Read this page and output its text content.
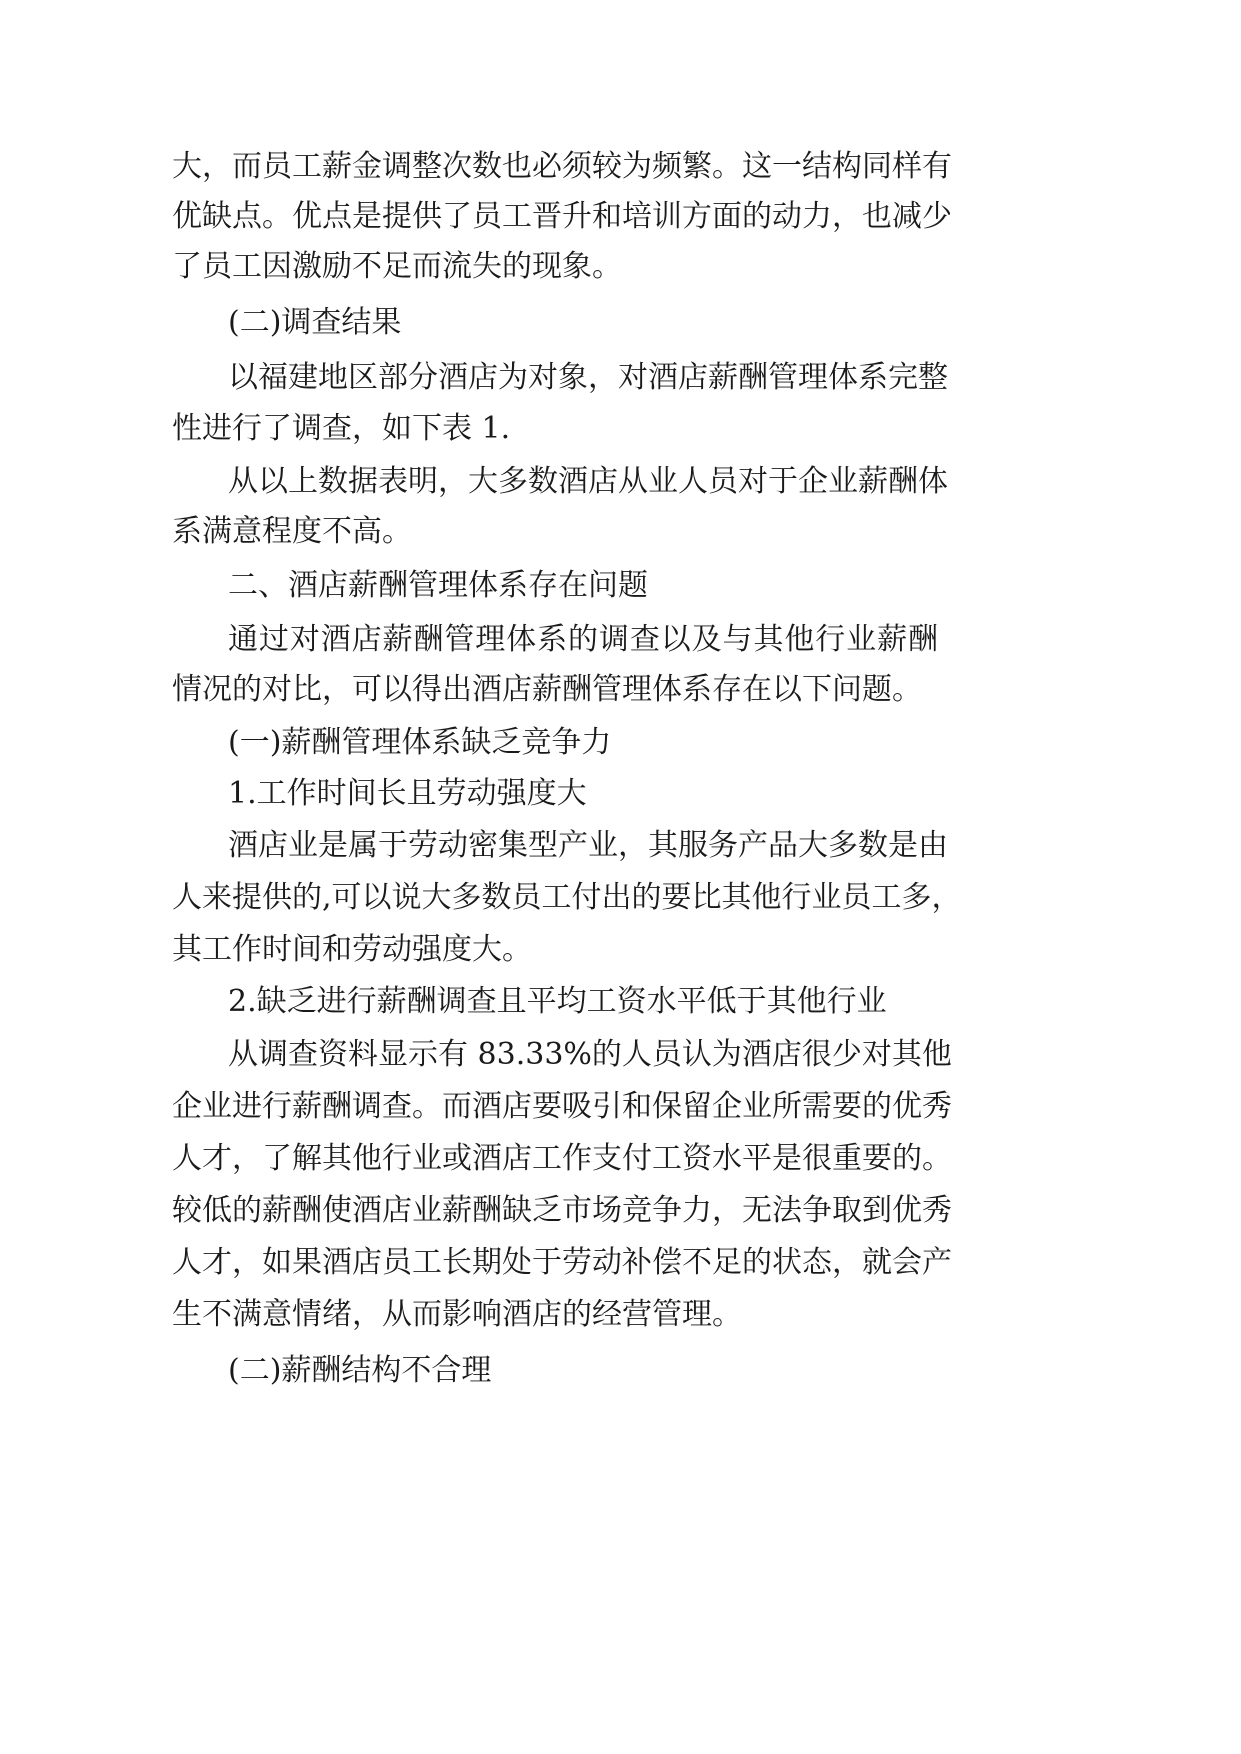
大，而员工薪金调整次数也必须较为频繁。这一结构同样有
优缺点。优点是提供了员工晋升和培训方面的动力，也减少
了员工因激励不足而流失的现象。
(二)调查结果
以福建地区部分酒店为对象，对酒店薪酬管理体系完整
性进行了调查，如下表 1.
从以上数据表明，大多数酒店从业人员对于企业薪酬体
系满意程度不高。
二、酒店薪酬管理体系存在问题
通过对酒店薪酬管理体系的调查以及与其他行业薪酬
情况的对比，可以得出酒店薪酬管理体系存在以下问题。
(一)薪酬管理体系缺乏竞争力
1.工作时间长且劳动强度大
酒店业是属于劳动密集型产业，其服务产品大多数是由
人来提供的,可以说大多数员工付出的要比其他行业员工多，
其工作时间和劳动强度大。
2.缺乏进行薪酬调查且平均工资水平低于其他行业
从调查资料显示有 83.33%的人员认为酒店很少对其他
企业进行薪酬调查。而酒店要吸引和保留企业所需要的优秀
人才，了解其他行业或酒店工作支付工资水平是很重要的。
较低的薪酬使酒店业薪酬缺乏市场竞争力，无法争取到优秀
人才，如果酒店员工长期处于劳动补偿不足的状态，就会产
生不满意情绪，从而影响酒店的经营管理。
(二)薪酬结构不合理
